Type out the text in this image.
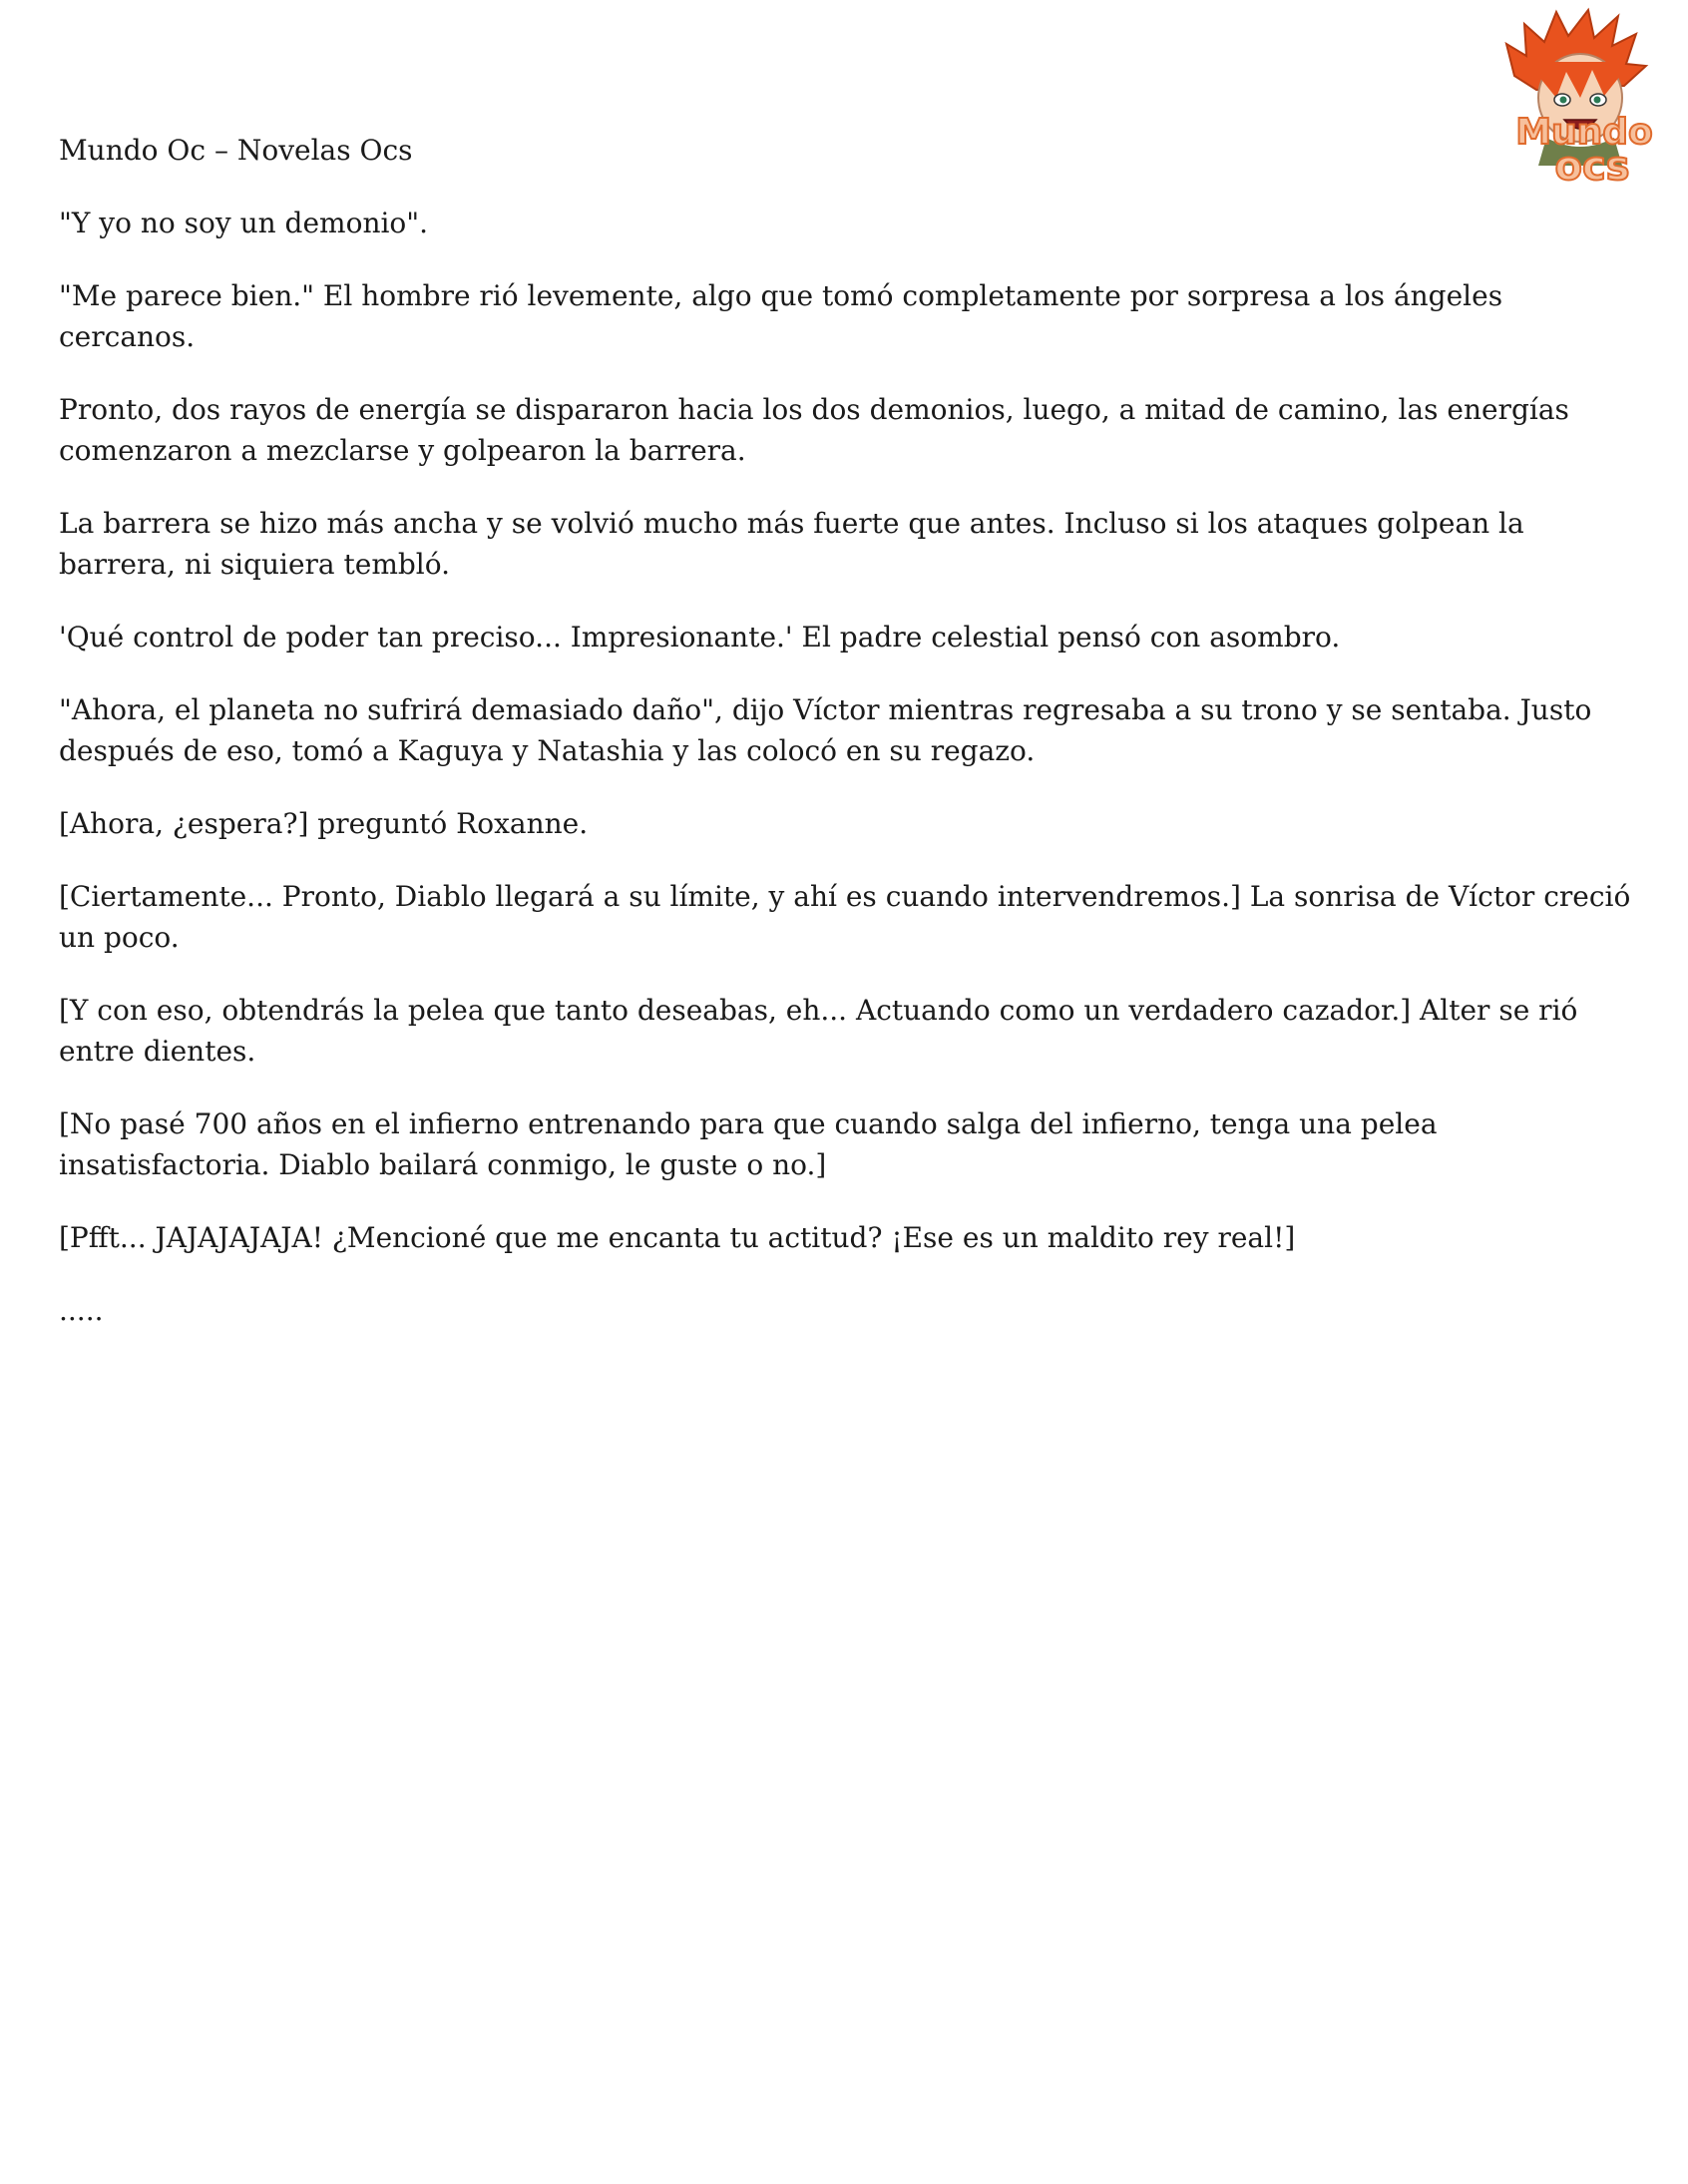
Mundo
ocs

Mundo Oc – Novelas Ocs

"Y yo no soy un demonio".

"Me parece bien." El hombre rió levemente, algo que tomó completamente por sorpresa a los ángeles cercanos.

Pronto, dos rayos de energía se dispararon hacia los dos demonios, luego, a mitad de camino, las energías comenzaron a mezclarse y golpearon la barrera.

La barrera se hizo más ancha y se volvió mucho más fuerte que antes. Incluso si los ataques golpean la barrera, ni siquiera tembló.

'Qué control de poder tan preciso... Impresionante.' El padre celestial pensó con asombro.

"Ahora, el planeta no sufrirá demasiado daño", dijo Víctor mientras regresaba a su trono y se sentaba. Justo después de eso, tomó a Kaguya y Natashia y las colocó en su regazo.

[Ahora, ¿espera?] preguntó Roxanne.

[Ciertamente... Pronto, Diablo llegará a su límite, y ahí es cuando intervendremos.] La sonrisa de Víctor creció un poco.

[Y con eso, obtendrás la pelea que tanto deseabas, eh... Actuando como un verdadero cazador.] Alter se rió entre dientes.

[No pasé 700 años en el infierno entrenando para que cuando salga del infierno, tenga una pelea insatisfactoria. Diablo bailará conmigo, le guste o no.]

[Pfft... JAJAJAJAJA! ¿Mencioné que me encanta tu actitud? ¡Ese es un maldito rey real!]

.....
